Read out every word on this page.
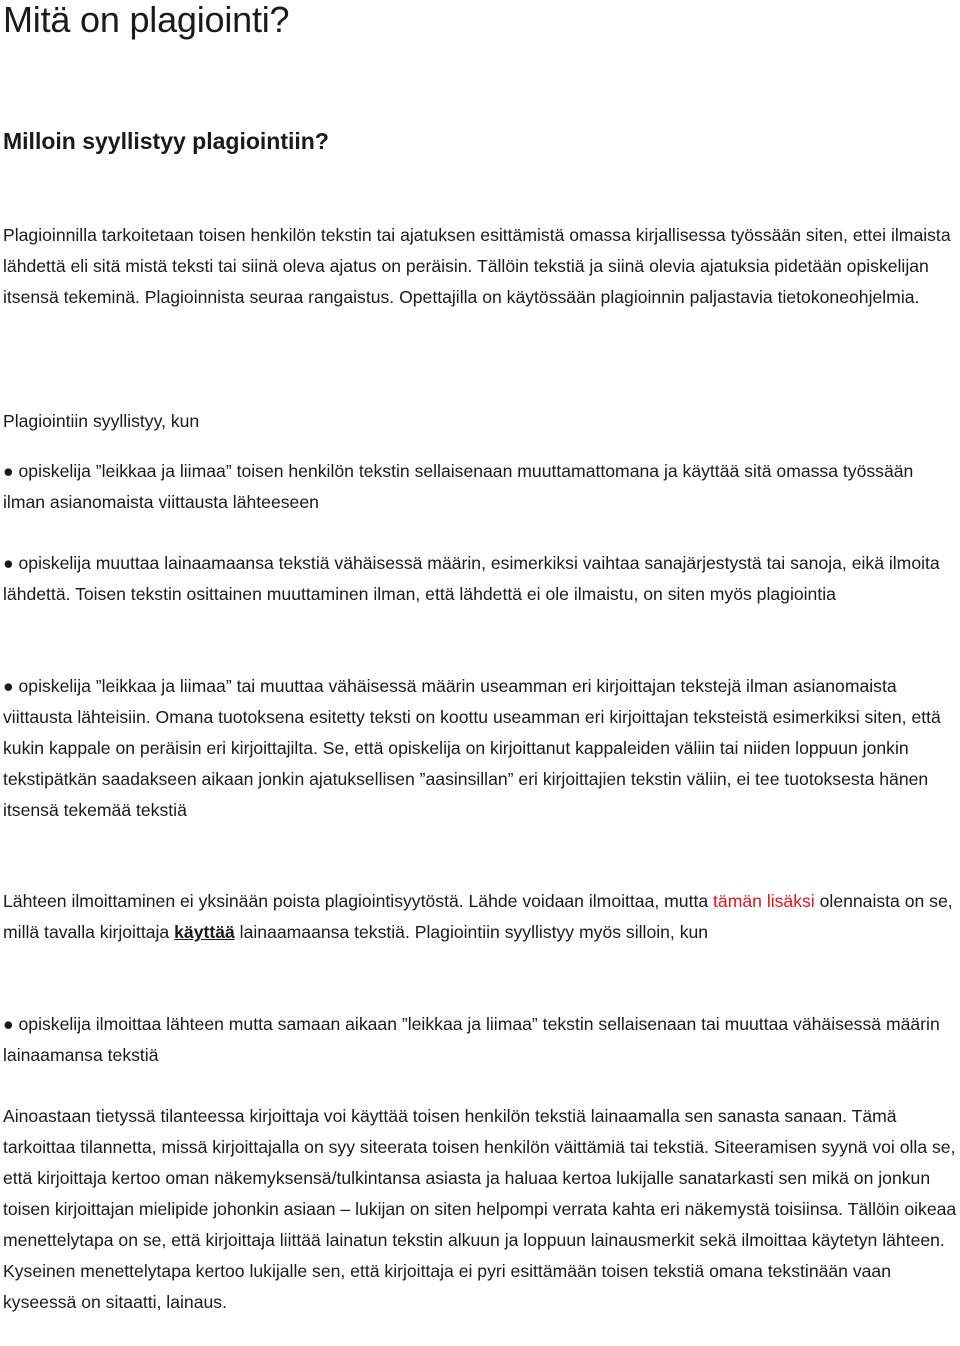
Mitä on plagiointi?
Milloin syyllistyy plagiointiin?

Plagioinnilla tarkoitetaan toisen henkilön tekstin tai ajatuksen esittämistä omassa kirjallisessa työssään siten, ettei ilmaista lähdettä eli sitä mistä teksti tai siinä oleva ajatus on peräisin. Tällöin tekstiä ja siinä olevia ajatuksia pidetään opiskelijan itsensä tekeminä. Plagioinnista seuraa rangaistus. Opettajilla on käytössään plagioinnin paljastavia tietokoneohjelmia.

Plagiointiin syyllistyy, kun

● opiskelija ”leikkaa ja liimaa” toisen henkilön tekstin sellaisenaan muuttamattomana ja käyttää sitä omassa työssään ilman asianomaista viittausta lähteeseen

● opiskelija muuttaa lainaamaansa tekstiä vähäisessä määrin, esimerkiksi vaihtaa sanajärjestystä tai sanoja, eikä ilmoita lähdettä. Toisen tekstin osittainen muuttaminen ilman, että lähdettä ei ole ilmaistu, on siten myös plagiointia

● opiskelija ”leikkaa ja liimaa” tai muuttaa vähäisessä määrin useamman eri kirjoittajan tekstejä ilman asianomaista viittausta lähteisiin. Omana tuotoksena esitetty teksti on koottu useamman eri kirjoittajan teksteistä esimerkiksi siten, että kukin kappale on peräisin eri kirjoittajilta. Se, että opiskelija on kirjoittanut kappaleiden väliin tai niiden loppuun jonkin tekstipätkän saadakseen aikaan jonkin ajatuksellisen ”aasinsillan” eri kirjoittajien tekstin väliin, ei tee tuotoksesta hänen itsensä tekemää tekstiä

Lähteen ilmoittaminen ei yksinään poista plagiointisyytöstä. Lähde voidaan ilmoittaa, mutta tämän lisäksi olennaista on se, millä tavalla kirjoittaja käyttää lainaamaansa tekstiä. Plagiointiin syyllistyy myös silloin, kun

● opiskelija ilmoittaa lähteen mutta samaan aikaan ”leikkaa ja liimaa” tekstin sellaisenaan tai muuttaa vähäisessä määrin lainaamansa tekstiä

Ainoastaan tietyssä tilanteessa kirjoittaja voi käyttää toisen henkilön tekstiä lainaamalla sen sanasta sanaan. Tämä tarkoittaa tilannetta, missä kirjoittajalla on syy siteerata toisen henkilön väittämiä tai tekstiä. Siteeramisen syynä voi olla se, että kirjoittaja kertoo oman näkemyksensä/tulkintansa asiasta ja haluaa kertoa lukijalle sanatarkasti sen mikä on jonkun toisen kirjoittajan mielipide johonkin asiaan – lukijan on siten helpompi verrata kahta eri näkemystä toisiinsa. Tällöin oikeaa menettelytapa on se, että kirjoittaja liittää lainatun tekstin alkuun ja loppuun lainausmerkit sekä ilmoittaa käytetyn lähteen. Kyseinen menettelytapa kertoo lukijalle sen, että kirjoittaja ei pyri esittämään toisen tekstiä omana tekstinään vaan kyseessä on sitaatti, lainaus.
